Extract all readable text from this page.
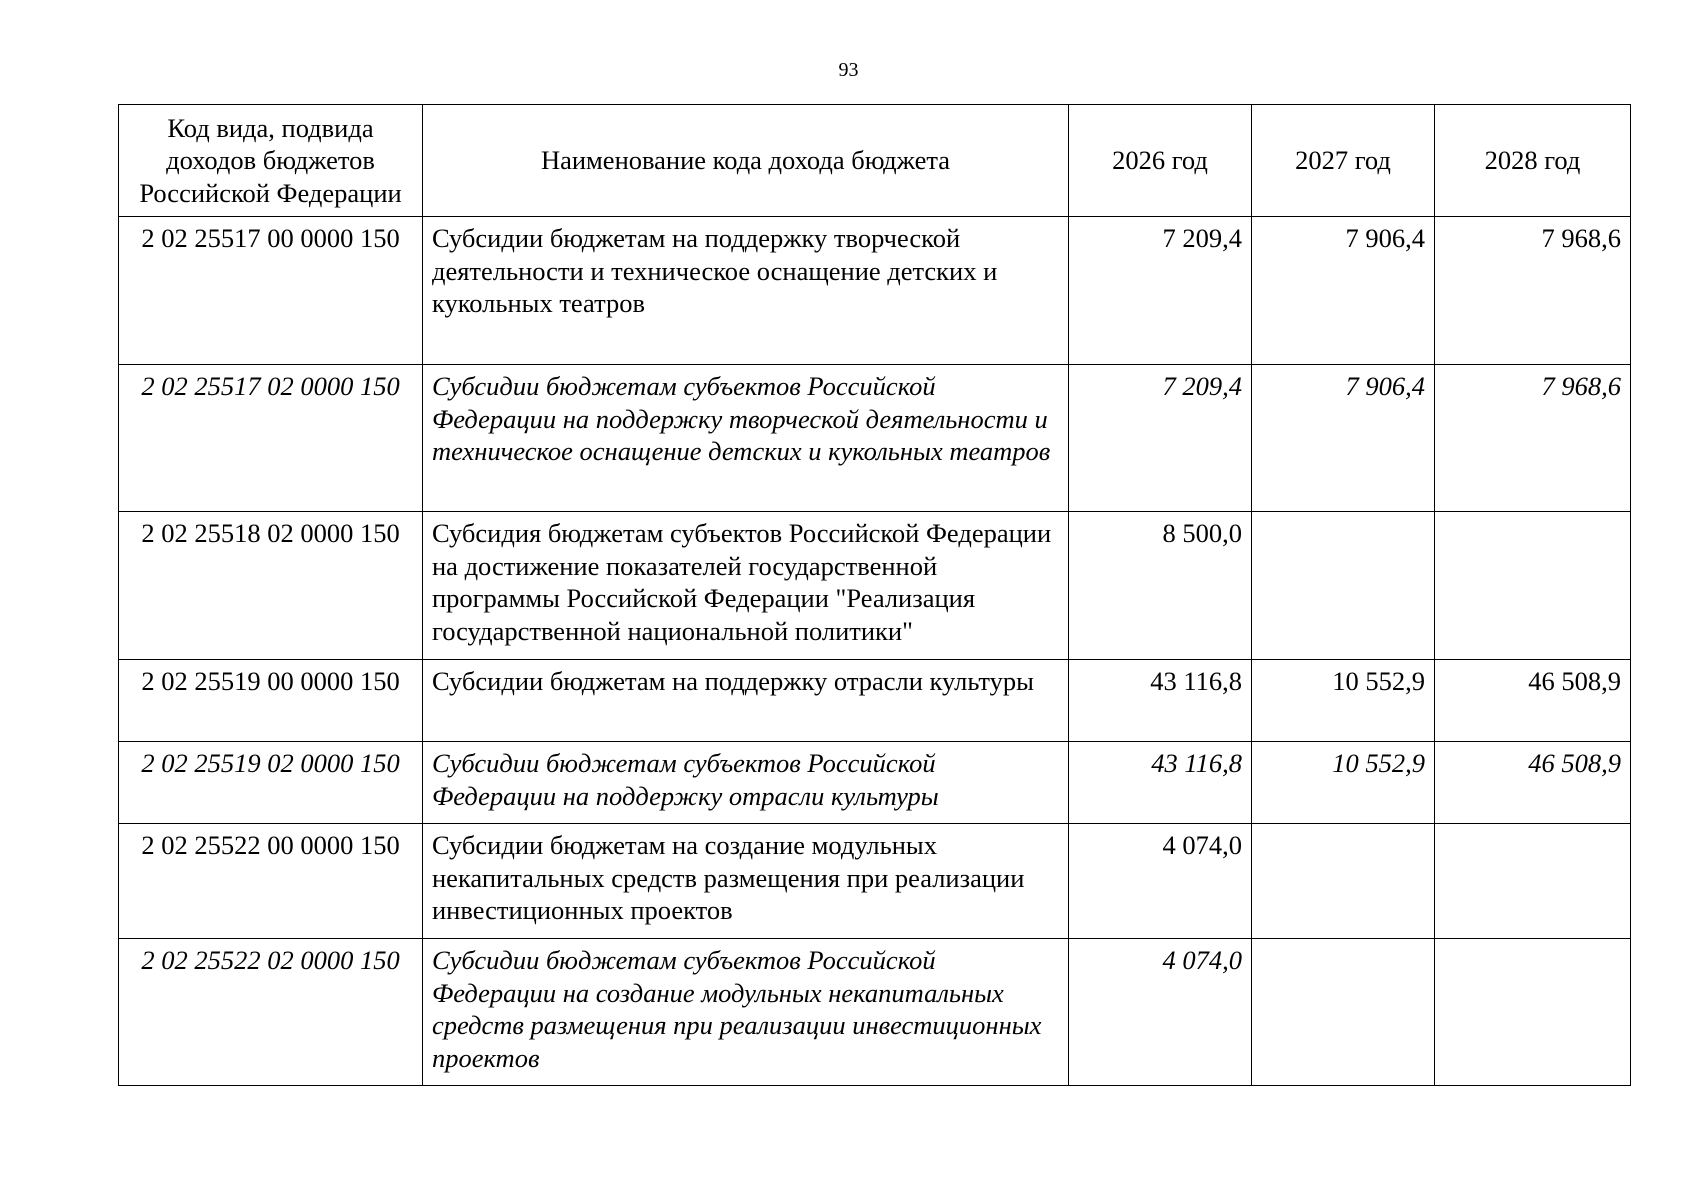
93
Код вида, подвида доходов бюджетов Российской Федерации	Наименование кода дохода бюджета	2026 год	2027 год	2028 год
2 02 25517 00 0000 150	Субсидии бюджетам на поддержку творческой деятельности и техническое оснащение детских и кукольных театров	7 209,4	7 906,4	7 968,6
2 02 25517 02 0000 150	Субсидии бюджетам субъектов Российской Федерации на поддержку творческой деятельности и техническое оснащение детских и кукольных театров	7 209,4	7 906,4	7 968,6
2 02 25518 02 0000 150	Субсидия бюджетам субъектов Российской Федерации на достижение показателей государственной программы Российской Федерации "Реализация государственной национальной политики"	8 500,0		
2 02 25519 00 0000 150	Субсидии бюджетам на поддержку отрасли культуры	43 116,8	10 552,9	46 508,9
2 02 25519 02 0000 150	Субсидии бюджетам субъектов Российской Федерации на поддержку отрасли культуры	43 116,8	10 552,9	46 508,9
2 02 25522 00 0000 150	Субсидии бюджетам на создание модульных некапитальных средств размещения при реализации инвестиционных проектов	4 074,0		
2 02 25522 02 0000 150	Субсидии бюджетам субъектов Российской Федерации на создание модульных некапитальных средств размещения при реализации инвестиционных проектов	4 074,0		
